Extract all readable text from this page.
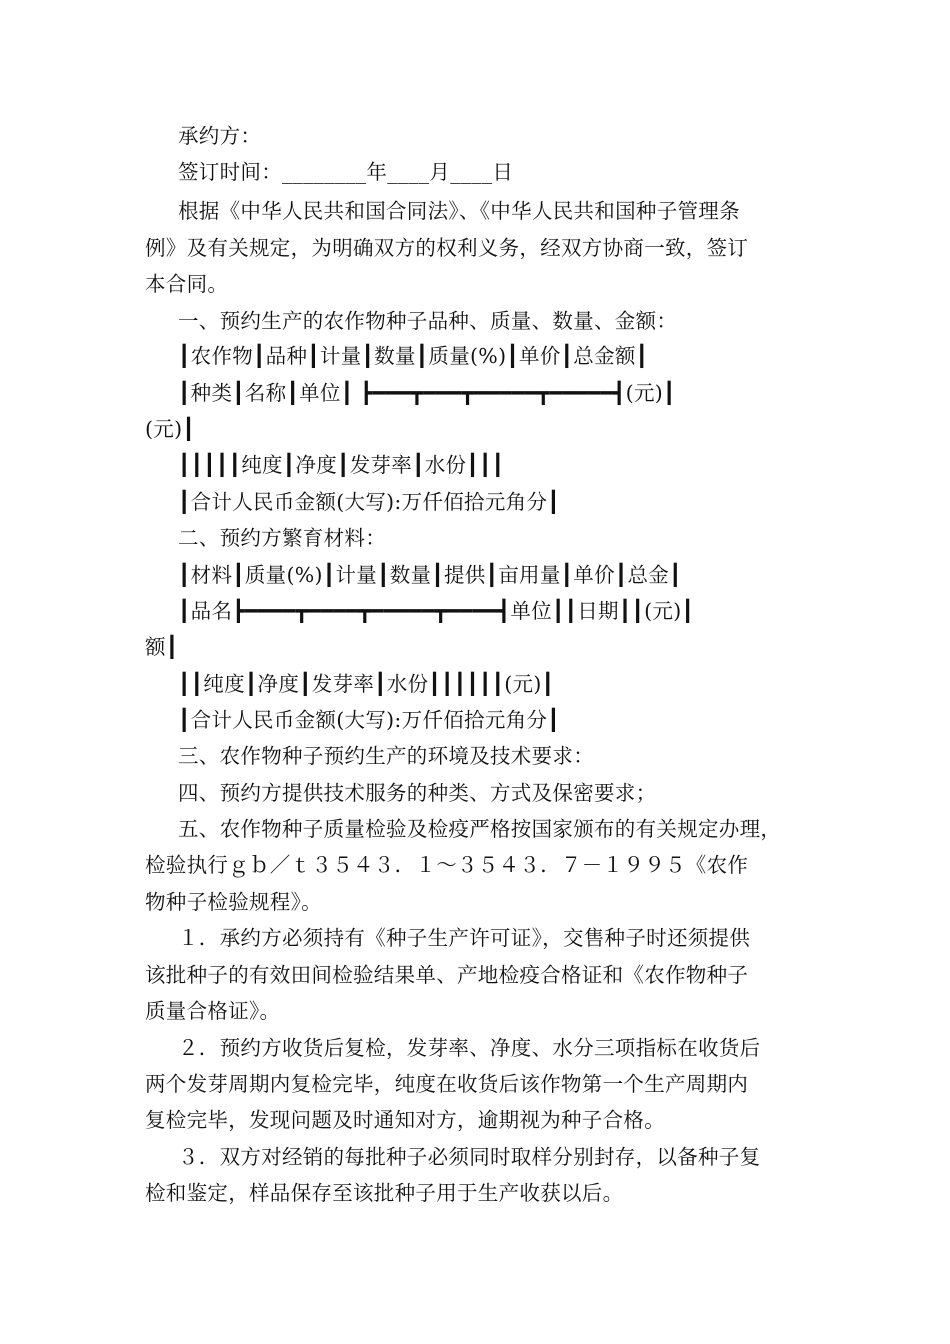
承约方：
签订时间：________年____月____日
根据《中华人民共和国合同法》、《中华人民共和国种子管理条
例》及有关规定，为明确双方的权利义务，经双方协商一致，签订
本合同。
一、预约生产的农作物种子品种、质量、数量、金额：
┃农作物┃品种┃计量┃数量┃质量(%)┃单价┃总金额┃
┃种类┃名称┃单位┃ ┣━━━┳━━━┳━━━━━┳━━━━━┫(元)┃
(元)┃
┃┃┃┃┃纯度┃净度┃发芽率┃水份┃┃┃
┃合计人民币金额(大写):万仟佰拾元角分┃
二、预约方繁育材料：
┃材料┃质量(%)┃计量┃数量┃提供┃亩用量┃单价┃总金┃
┃品名┣━━━━┳━━━━┳━━━━━┳━━━━┫单位┃┃日期┃┃(元)┃
额┃
┃┃纯度┃净度┃发芽率┃水份┃┃┃┃┃┃(元)┃
┃合计人民币金额(大写):万仟佰拾元角分┃
三、农作物种子预约生产的环境及技术要求：
四、预约方提供技术服务的种类、方式及保密要求；
五、农作物种子质量检验及检疫严格按国家颁布的有关规定办理，
检验执行ｇｂ／ｔ３５４３．１～３５４３．７－１９９５《农作
物种子检验规程》。
１．承约方必须持有《种子生产许可证》，交售种子时还须提供
该批种子的有效田间检验结果单、产地检疫合格证和《农作物种子
质量合格证》。
２．预约方收货后复检，发芽率、净度、水分三项指标在收货后
两个发芽周期内复检完毕，纯度在收货后该作物第一个生产周期内
复检完毕，发现问题及时通知对方，逾期视为种子合格。
３．双方对经销的每批种子必须同时取样分别封存，以备种子复
检和鉴定，样品保存至该批种子用于生产收获以后。
